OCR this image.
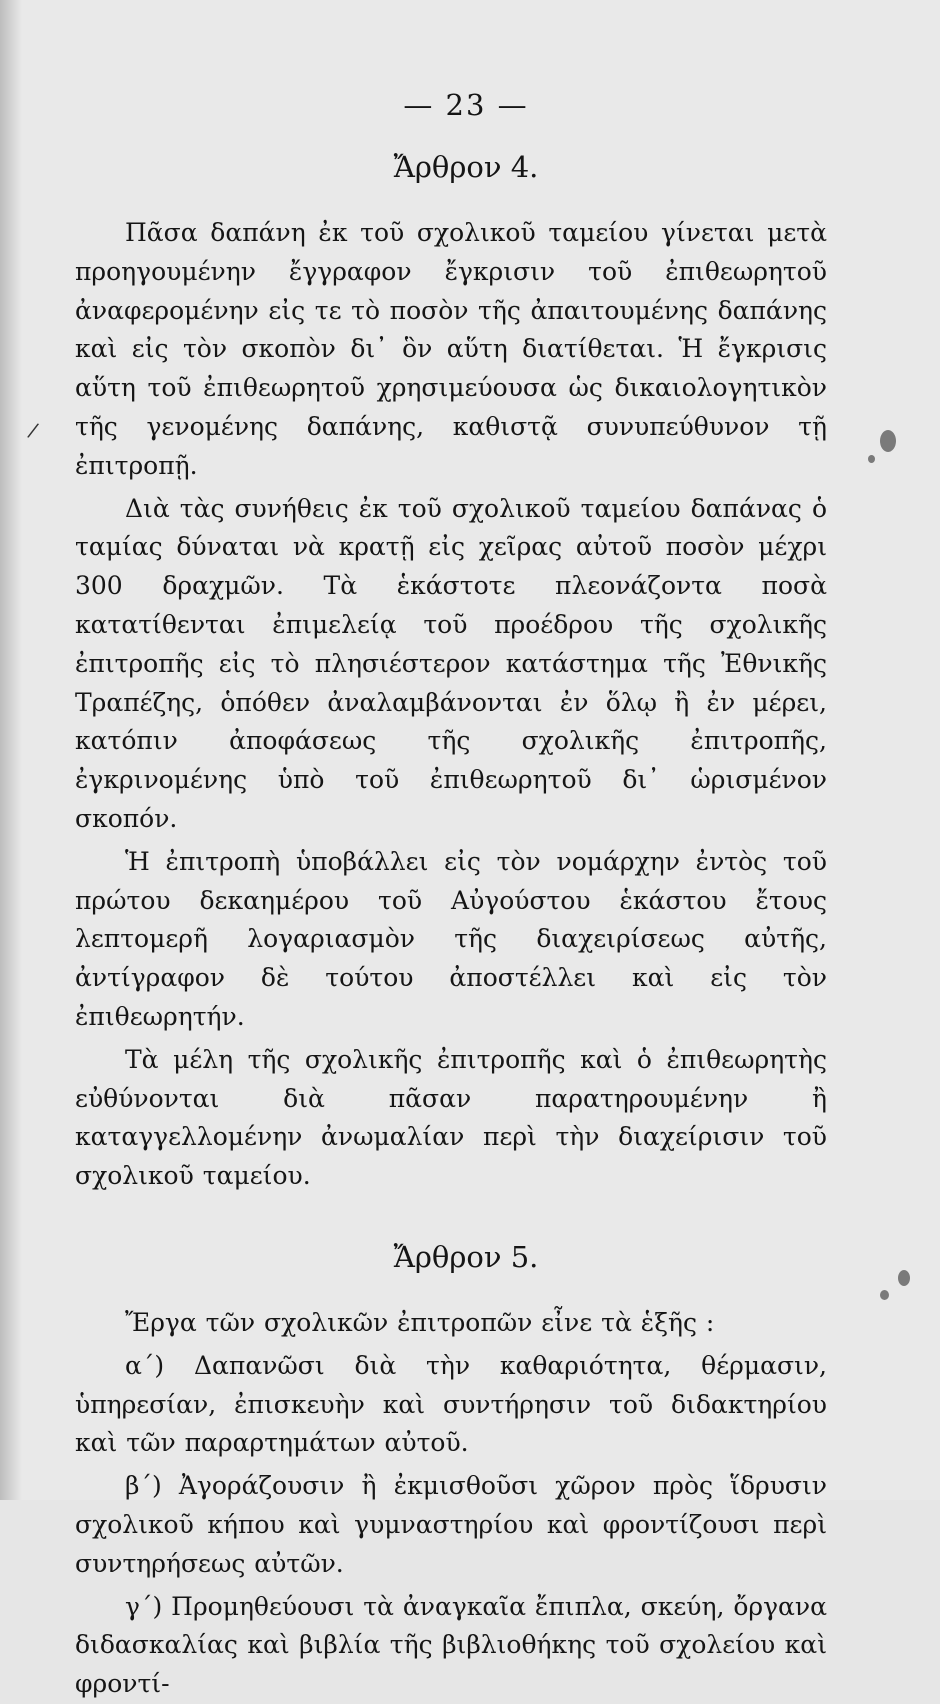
/
— 23 —
Ἄρθρον 4.

Πᾶσα δαπάνη ἐκ τοῦ σχολικοῦ ταμείου γίνεται μετὰ προηγουμένην ἔγγραφον ἔγκρισιν τοῦ ἐπιθεωρητοῦ ἀναφερομένην εἰς τε τὸ ποσὸν τῆς ἀπαιτουμένης δαπάνης καὶ εἰς τὸν σκοπὸν δι᾽ ὃν αὕτη διατίθεται. Ἡ ἔγκρισις αὕτη τοῦ ἐπιθεωρητοῦ χρησιμεύουσα ὡς δικαιολογητικὸν τῆς γενομένης δαπάνης, καθιστᾷ συνυπεύθυνον τῇ ἐπιτροπῇ.

Διὰ τὰς συνήθεις ἐκ τοῦ σχολικοῦ ταμείου δαπάνας ὁ ταμίας δύναται νὰ κρατῇ εἰς χεῖρας αὐτοῦ ποσὸν μέχρι 300 δραχμῶν. Τὰ ἑκάστοτε πλεονάζοντα ποσὰ κατατίθενται ἐπιμελείᾳ τοῦ προέδρου τῆς σχολικῆς ἐπιτροπῆς εἰς τὸ πλησιέστερον κατάστημα τῆς Ἐθνικῆς Τραπέζης, ὁπόθεν ἀναλαμβάνονται ἐν ὅλῳ ἢ ἐν μέρει, κατόπιν ἀποφάσεως τῆς σχολικῆς ἐπιτροπῆς, ἐγκρινομένης ὑπὸ τοῦ ἐπιθεωρητοῦ δι᾽ ὡρισμένον σκοπόν.

Ἡ ἐπιτροπὴ ὑποβάλλει εἰς τὸν νομάρχην ἐντὸς τοῦ πρώτου δεκαημέρου τοῦ Αὐγούστου ἑκάστου ἔτους λεπτομερῆ λογαριασμὸν τῆς διαχειρίσεως αὐτῆς, ἀντίγραφον δὲ τούτου ἀποστέλλει καὶ εἰς τὸν ἐπιθεωρητήν.

Τὰ μέλη τῆς σχολικῆς ἐπιτροπῆς καὶ ὁ ἐπιθεωρητὴς εὐθύνονται διὰ πᾶσαν παρατηρουμένην ἢ καταγγελλομένην ἀνωμαλίαν περὶ τὴν διαχείρισιν τοῦ σχολικοῦ ταμείου.

Ἄρθρον 5.

Ἔργα τῶν σχολικῶν ἐπιτροπῶν εἶνε τὰ ἑξῆς :

α΄) Δαπανῶσι διὰ τὴν καθαριότητα, θέρμασιν, ὑπηρεσίαν, ἐπισκευὴν καὶ συντήρησιν τοῦ διδακτηρίου καὶ τῶν παραρτημάτων αὐτοῦ.

β΄) Ἀγοράζουσιν ἢ ἐκμισθοῦσι χῶρον πρὸς ἵδρυσιν σχολικοῦ κήπου καὶ γυμναστηρίου καὶ φροντίζουσι περὶ συντηρήσεως αὐτῶν.

γ΄) Προμηθεύουσι τὰ ἀναγκαῖα ἔπιπλα, σκεύη, ὄργανα διδασκαλίας καὶ βιβλία τῆς βιβλιοθήκης τοῦ σχολείου καὶ φροντί-
